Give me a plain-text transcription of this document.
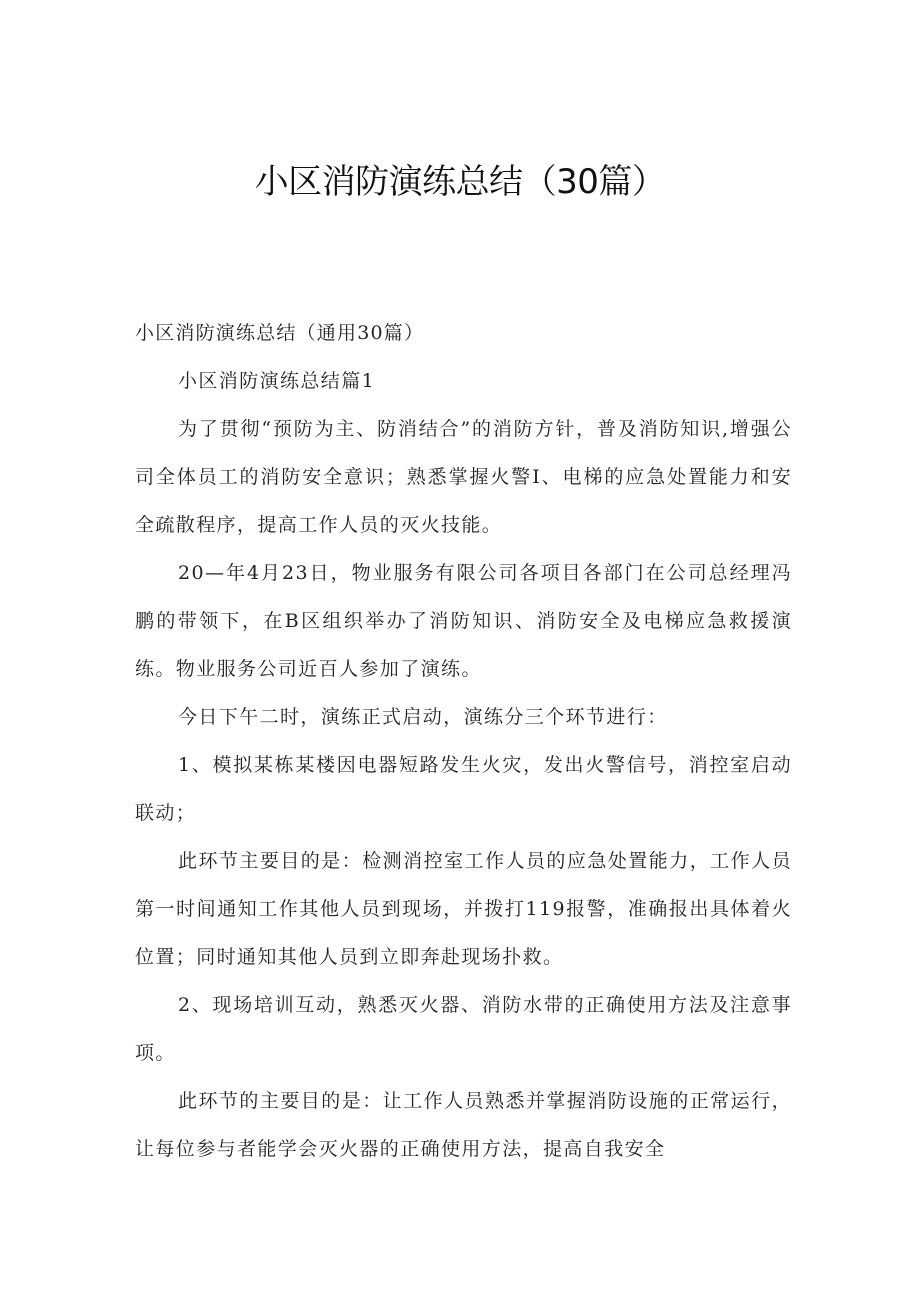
小区消防演练总结（30篇）

小区消防演练总结（通用30篇）

小区消防演练总结篇1

为了贯彻“预防为主、防消结合”的消防方针，普及消防知识,增强公司全体员工的消防安全意识；熟悉掌握火警I、电梯的应急处置能力和安全疏散程序，提高工作人员的灭火技能。

20—年4月23日，物业服务有限公司各项目各部门在公司总经理冯鹏的带领下，在B区组织举办了消防知识、消防安全及电梯应急救援演练。物业服务公司近百人参加了演练。

今日下午二时，演练正式启动，演练分三个环节进行：

1、模拟某栋某楼因电器短路发生火灾，发出火警信号，消控室启动联动；

此环节主要目的是：检测消控室工作人员的应急处置能力，工作人员第一时间通知工作其他人员到现场，并拨打119报警，准确报出具体着火位置；同时通知其他人员到立即奔赴现场扑救。

2、现场培训互动，熟悉灭火器、消防水带的正确使用方法及注意事项。

此环节的主要目的是：让工作人员熟悉并掌握消防设施的正常运行，让每位参与者能学会灭火器的正确使用方法，提高自我安全
